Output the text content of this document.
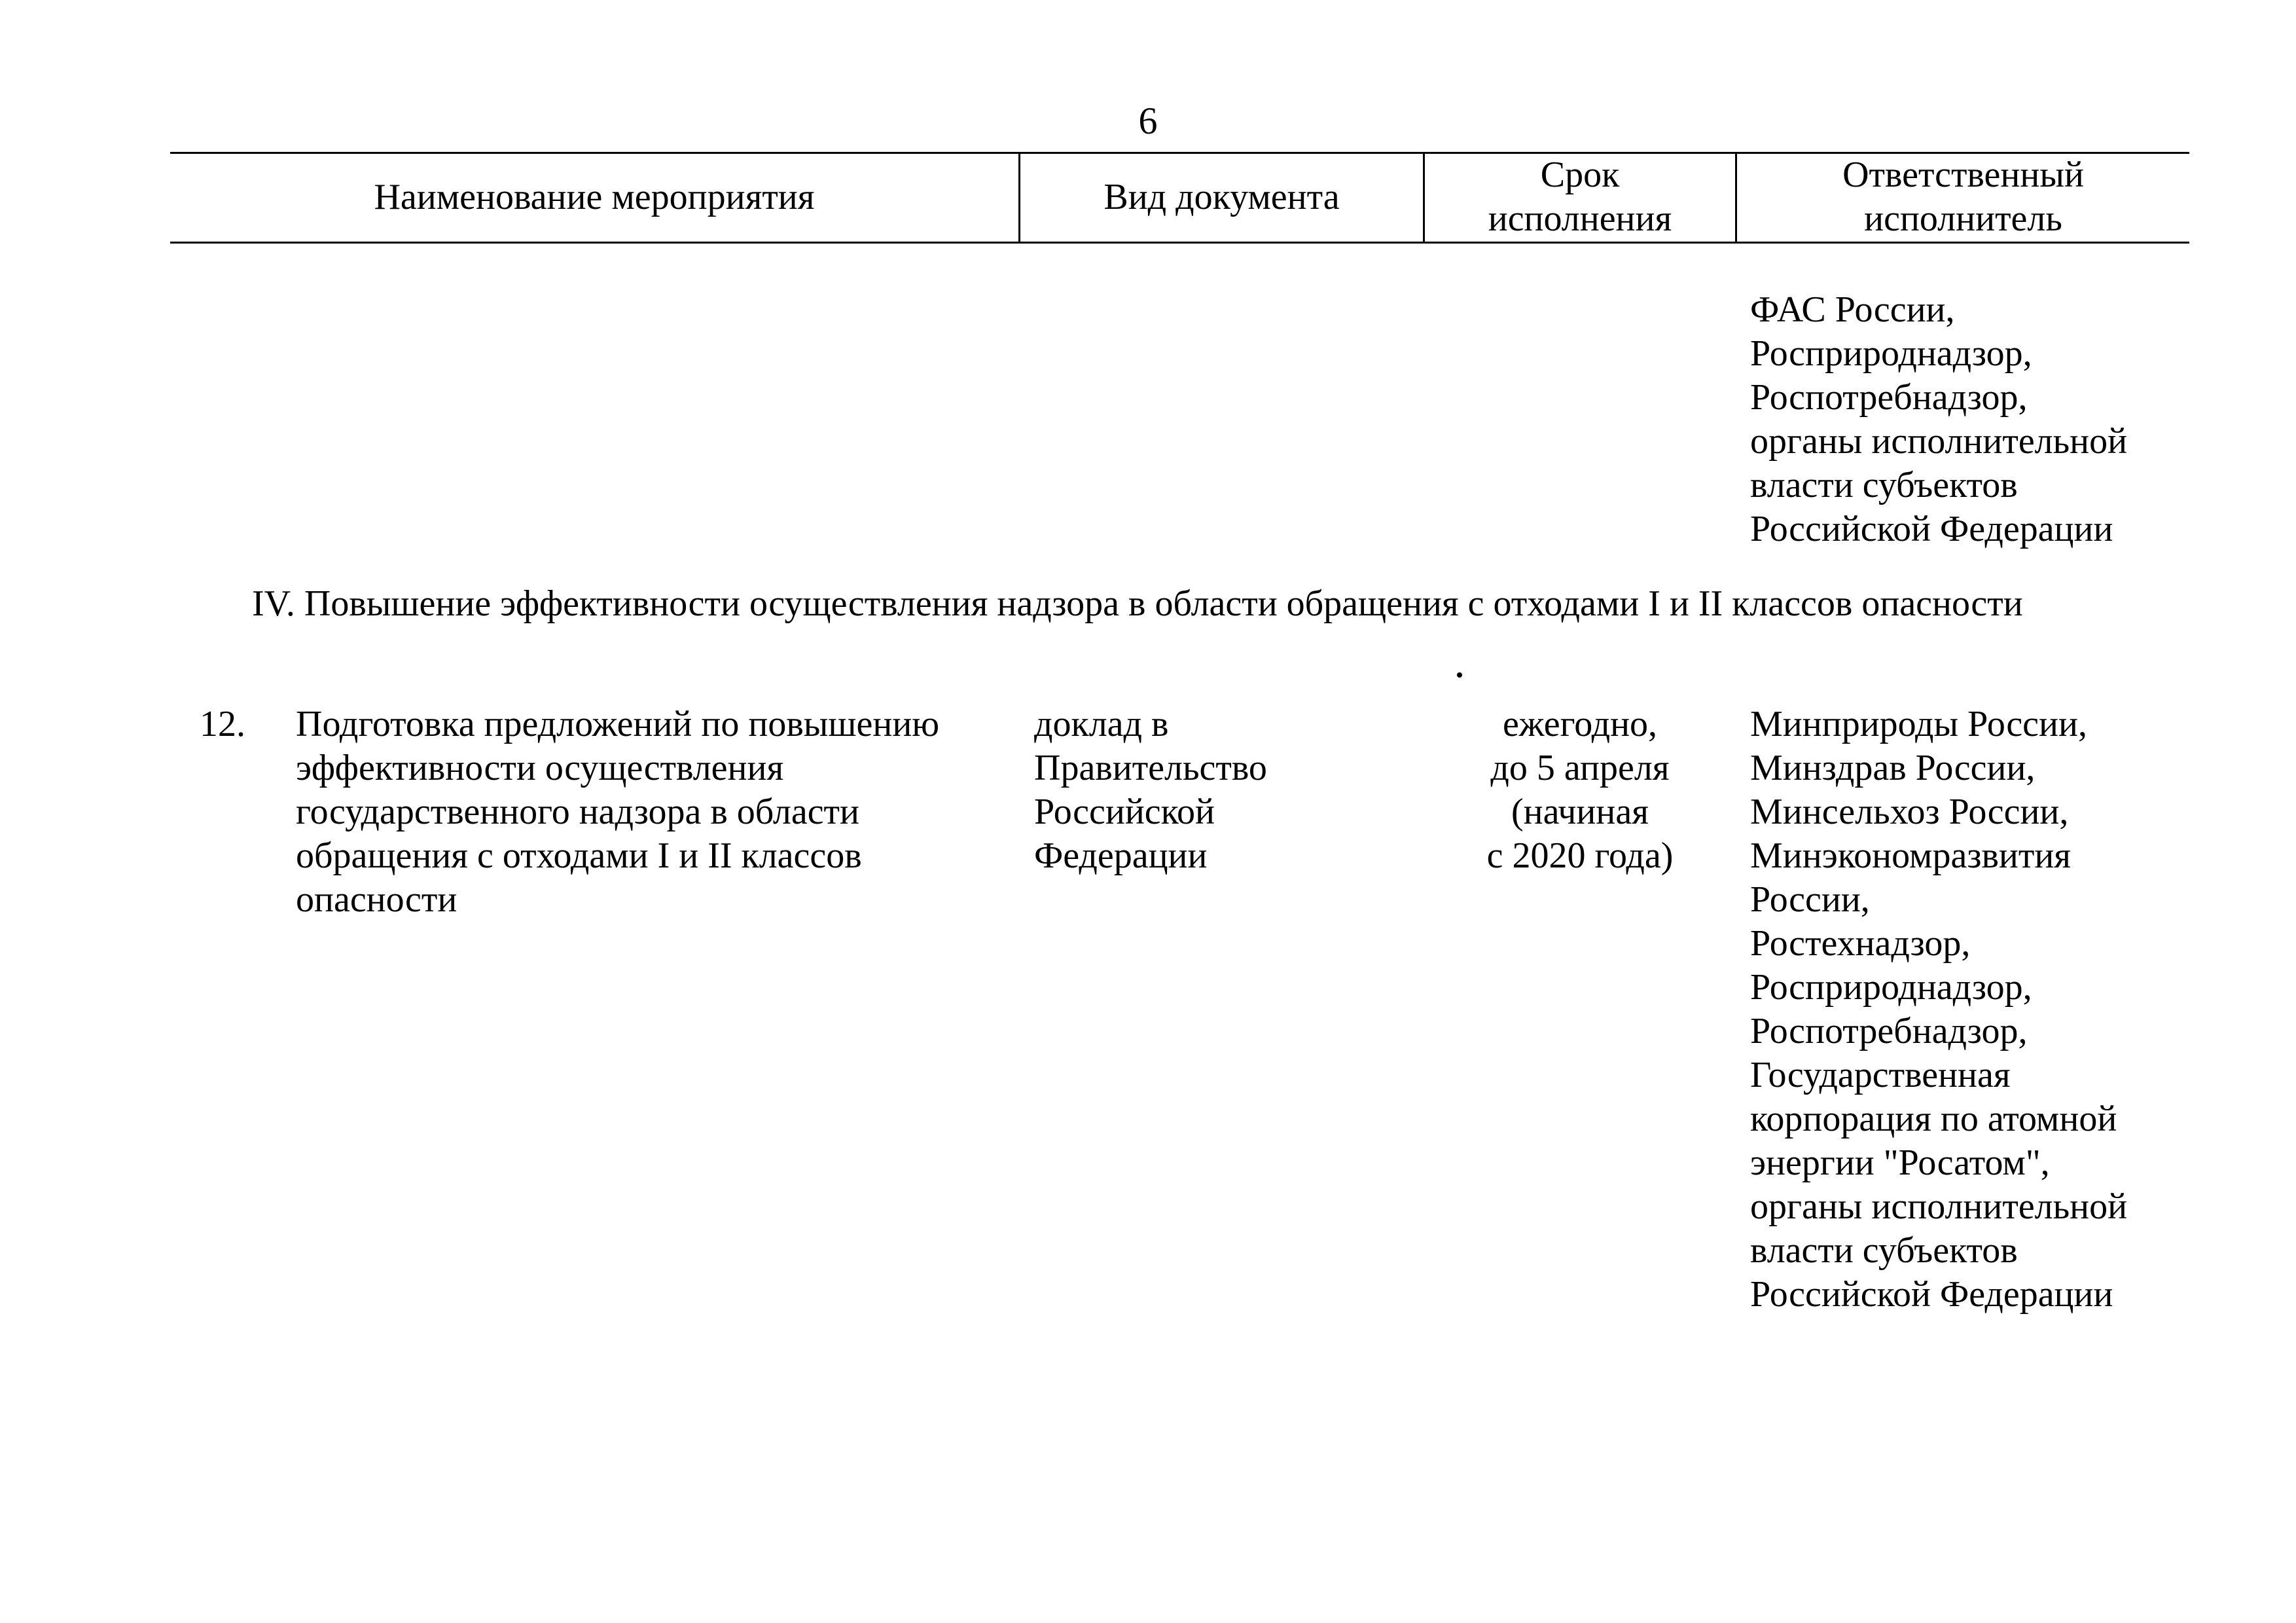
6
Наименование мероприятия	Вид документа
Срок
исполнения
Ответственный
исполнитель
ФАС России,
Росприроднадзор,
Роспотребнадзор,
органы исполнительной
власти субъектов
Российской Федерации
IV. Повышение эффективности осуществления надзора в области обращения с отходами I и II классов опасности
12. Подготовка предложений по повышению
эффективности осуществления
государственного надзора в области
обращения с отходами I и II классов
опасности
доклад в
Правительство
Российской
Федерации
ежегодно,
до 5 апреля
(начиная
с 2020 года)
Минприроды России,
Минздрав России,
Минсельхоз России,
Минэкономразвития
России,
Ростехнадзор,
Росприроднадзор,
Роспотребнадзор,
Государственная
корпорация по атомной
энергии "Росатом",
органы исполнительной
власти субъектов
Российской Федерации
